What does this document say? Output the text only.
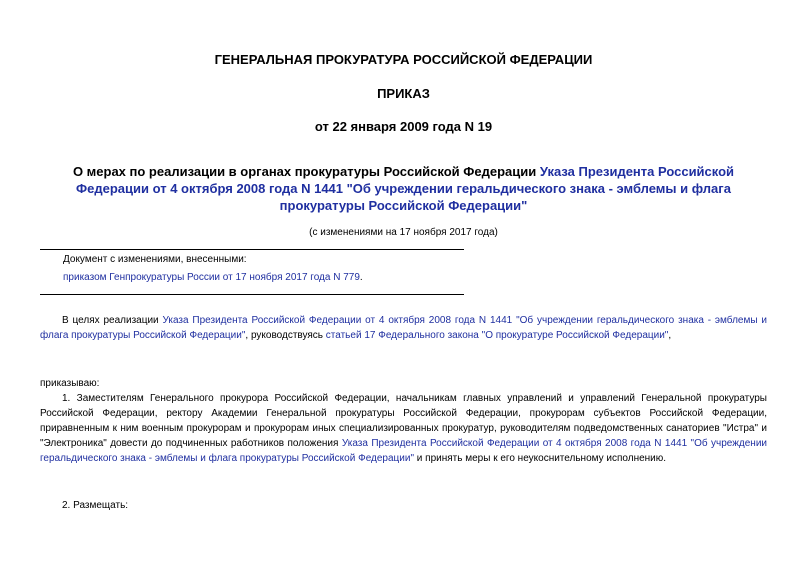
ГЕНЕРАЛЬНАЯ ПРОКУРАТУРА РОССИЙСКОЙ ФЕДЕРАЦИИ
ПРИКАЗ
от 22 января 2009 года N 19
О мерах по реализации в органах прокуратуры Российской Федерации Указа Президента Российской Федерации от 4 октября 2008 года N 1441 "Об учреждении геральдического знака - эмблемы и флага прокуратуры Российской Федерации"
(с изменениями на 17 ноября 2017 года)
Документ с изменениями, внесенными:
приказом Генпрокуратуры России от 17 ноября 2017 года N 779.
В целях реализации Указа Президента Российской Федерации от 4 октября 2008 года N 1441 "Об учреждении геральдического знака - эмблемы и флага прокуратуры Российской Федерации", руководствуясь статьей 17 Федерального закона "О прокуратуре Российской Федерации",
приказываю:
1. Заместителям Генерального прокурора Российской Федерации, начальникам главных управлений и управлений Генеральной прокуратуры Российской Федерации, ректору Академии Генеральной прокуратуры Российской Федерации, прокурорам субъектов Российской Федерации, приравненным к ним военным прокурорам и прокурорам иных специализированных прокуратур, руководителям подведомственных санаториев "Истра" и "Электроника" довести до подчиненных работников положения Указа Президента Российской Федерации от 4 октября 2008 года N 1441 "Об учреждении геральдического знака - эмблемы и флага прокуратуры Российской Федерации" и принять меры к его неукоснительному исполнению.
2. Размещать:
